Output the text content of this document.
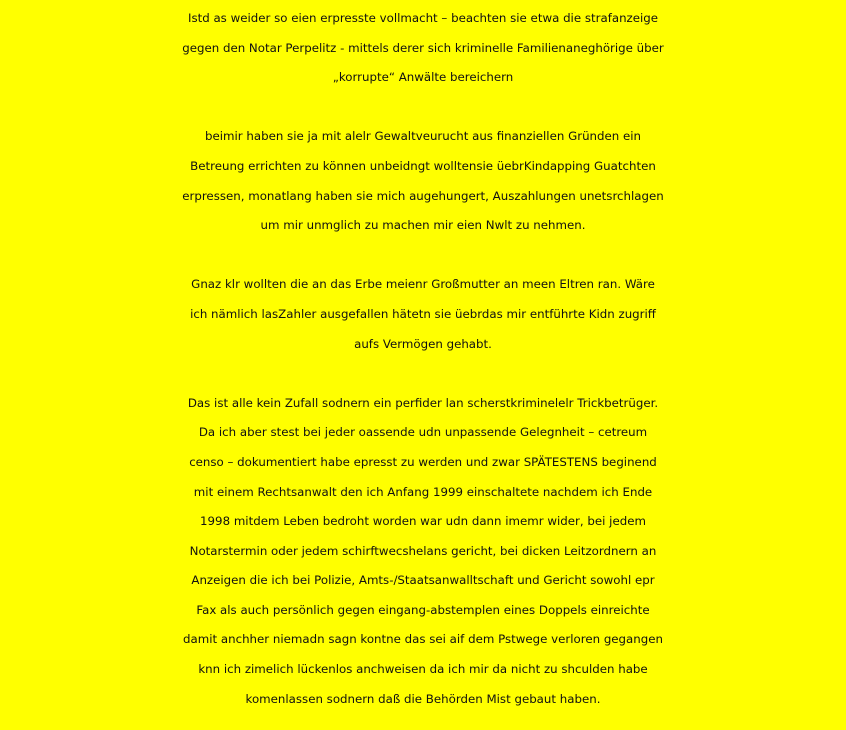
Istd as weider so eien erpresste vollmacht – beachten sie etwa die strafanzeige
gegen den Notar Perpelitz - mittels derer sich kriminelle Familienaneghörige über
„korrupte“ Anwälte bereichern
beimir haben sie ja mit alelr Gewaltveurucht aus finanziellen Gründen ein
Betreung errichten zu können unbeidngt wolltensie üebrKindapping Guatchten
erpressen, monatlang haben sie mich augehungert, Auszahlungen unetsrchlagen
um mir unmglich zu machen mir eien Nwlt zu nehmen.
Gnaz klr wollten die an das Erbe meienr Großmutter an meen Eltren ran. Wäre
ich nämlich lasZahler ausgefallen hätetn sie üebrdas mir entführte Kidn zugriff
aufs Vermögen gehabt.
Das ist alle kein Zufall sodnern ein perfider lan scherstkriminelelr Trickbetrüger.
Da ich aber stest bei jeder oassende udn unpassende Gelegnheit – cetreum
censo – dokumentiert habe epresst zu werden und zwar SPÄTESTENS beginend
mit einem Rechtsanwalt den ich Anfang 1999 einschaltete nachdem ich Ende
1998 mitdem Leben bedroht worden war udn dann imemr wider, bei jedem
Notarstermin oder jedem schirftwecshelans gericht, bei dicken Leitzordnern an
Anzeigen die ich bei Polizie, Amts-/Staatsanwalltschaft und Gericht sowohl epr
Fax als auch persönlich gegen eingang-abstemplen eines Doppels einreichte
damit anchher niemadn sagn kontne das sei aif dem Pstwege verloren gegangen
knn ich zimelich lückenlos anchweisen da ich mir da nicht zu shculden habe
komenlassen sodnern daß die Behörden Mist gebaut haben.
